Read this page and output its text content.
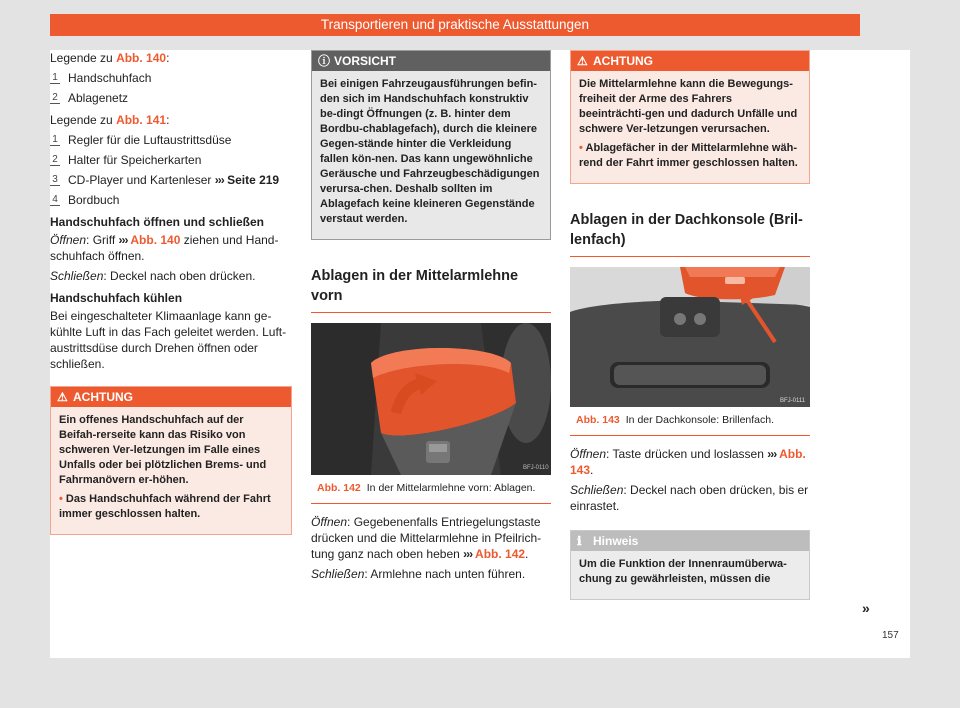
Transportieren und praktische Ausstattungen

Legende zu Abb. 140:

1 Handschuhfach
2 Ablagenetz

Legende zu Abb. 141:

1 Regler für die Luftaustrittsdüse
2 Halter für Speicherkarten
3 CD-Player und Kartenleser ››› Seite 219
4 Bordbuch

Handschuhfach öffnen und schließen

Öffnen: Griff ››› Abb. 140 ziehen und Hand-schuhfach öffnen.

Schließen: Deckel nach oben drücken.

Handschuhfach kühlen

Bei eingeschalteter Klimaanlage kann ge-kühlte Luft in das Fach geleitet werden. Luft-austrittsdüse durch Drehen öffnen oder schließen.

⚠ ACHTUNG

Ein offenes Handschuhfach auf der Beifah-rerseite kann das Risiko von schweren Ver-letzungen im Falle eines Unfalls oder bei plötzlichen Brems- und Fahrmanövern er-höhen.

• Das Handschuhfach während der Fahrt immer geschlossen halten.

ⓘ VORSICHT

Bei einigen Fahrzeugausführungen befin-den sich im Handschuhfach konstruktiv be-dingt Öffnungen (z. B. hinter dem Bordbu-chablagefach), durch die kleinere Gegen-stände hinter die Verkleidung fallen kön-nen. Das kann ungewöhnliche Geräusche und Fahrzeugbeschädigungen verursa-chen. Deshalb sollten im Ablagefach keine kleineren Gegenstände verstaut werden.

Ablagen in der Mittelarmlehne vorn
BFJ-0110
Abb. 142 In der Mittelarmlehne vorn: Ablagen.

Öffnen: Gegebenenfalls Entriegelungstaste drücken und die Mittelarmlehne in Pfeilrich-tung ganz nach oben heben ››› Abb. 142.

Schließen: Armlehne nach unten führen.

⚠ ACHTUNG

Die Mittelarmlehne kann die Bewegungs-freiheit der Arme des Fahrers beeinträchti-gen und dadurch Unfälle und schwere Ver-letzungen verursachen.

• Ablagefächer in der Mittelarmlehne wäh-rend der Fahrt immer geschlossen halten.

Ablagen in der Dachkonsole (Bril-lenfach)
BFJ-0111
Abb. 143 In der Dachkonsole: Brillenfach.

Öffnen: Taste drücken und loslassen ››› Abb. 143.

Schließen: Deckel nach oben drücken, bis er einrastet.

ℹ Hinweis

Um die Funktion der Innenraumüberwa-chung zu gewährleisten, müssen die

»
157
